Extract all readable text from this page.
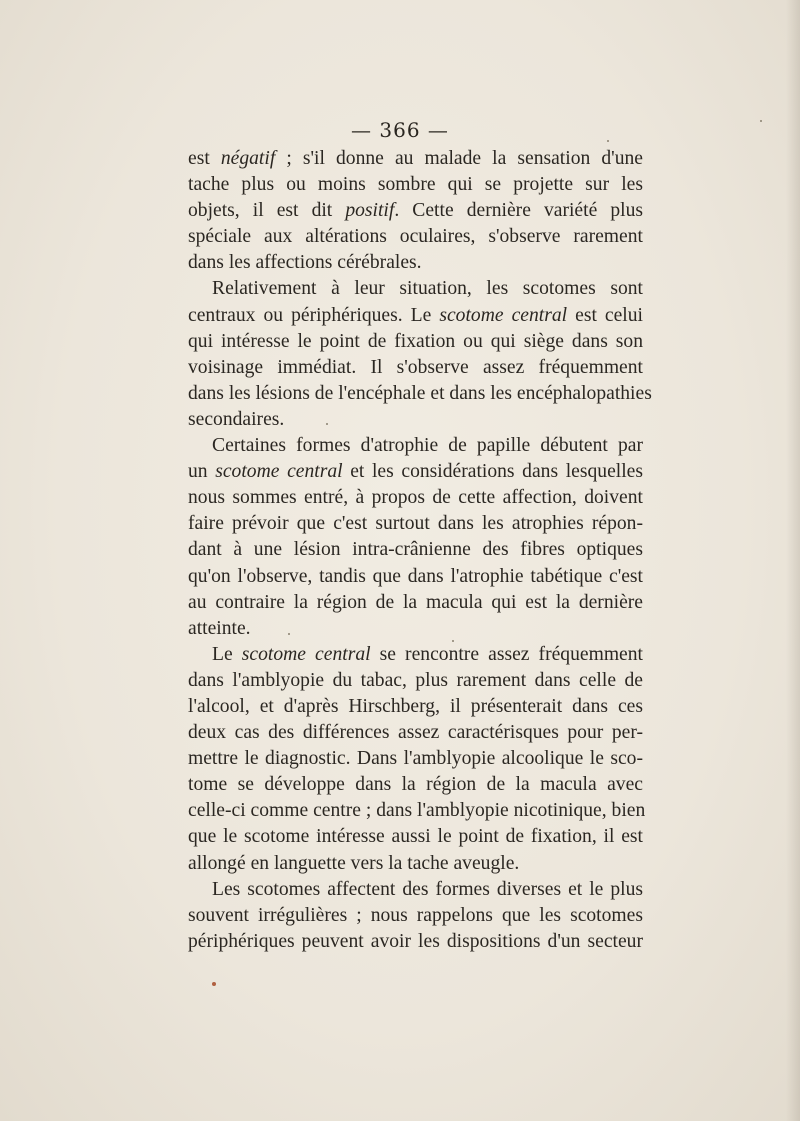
— 366 —
est négatif ; s'il donne au malade la sensation d'une
tache plus ou moins sombre qui se projette sur les
objets, il est dit positif. Cette dernière variété plus
spéciale aux altérations oculaires, s'observe rarement
dans les affections cérébrales.
Relativement à leur situation, les scotomes sont
centraux ou périphériques. Le scotome central est celui
qui intéresse le point de fixation ou qui siège dans son
voisinage immédiat. Il s'observe assez fréquemment
dans les lésions de l'encéphale et dans les encéphalopathies
secondaires.
Certaines formes d'atrophie de papille débutent par
un scotome central et les considérations dans lesquelles
nous sommes entré, à propos de cette affection, doivent
faire prévoir que c'est surtout dans les atrophies répon-
dant à une lésion intra-crânienne des fibres optiques
qu'on l'observe, tandis que dans l'atrophie tabétique c'est
au contraire la région de la macula qui est la dernière
atteinte.
Le scotome central se rencontre assez fréquemment
dans l'amblyopie du tabac, plus rarement dans celle de
l'alcool, et d'après Hirschberg, il présenterait dans ces
deux cas des différences assez caractérisques pour per-
mettre le diagnostic. Dans l'amblyopie alcoolique le sco-
tome se développe dans la région de la macula avec
celle-ci comme centre ; dans l'amblyopie nicotinique, bien
que le scotome intéresse aussi le point de fixation, il est
allongé en languette vers la tache aveugle.
Les scotomes affectent des formes diverses et le plus
souvent irrégulières ; nous rappelons que les scotomes
périphériques peuvent avoir les dispositions d'un secteur
